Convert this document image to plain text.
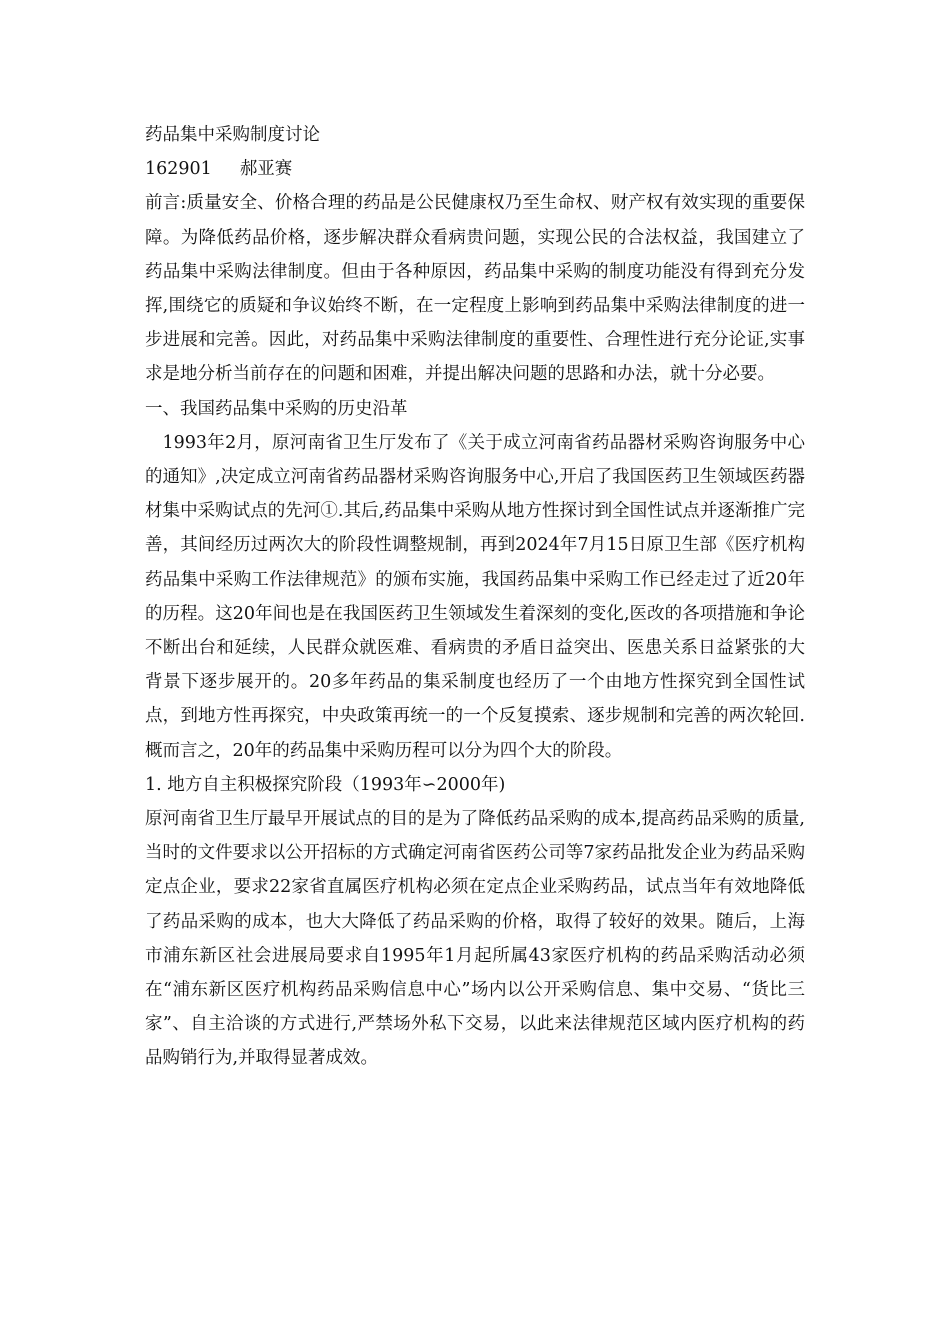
药品集中采购制度讨论

162901 郝亚赛

前言:质量安全、价格合理的药品是公民健康权乃至生命权、财产权有效实现的重要保障。为降低药品价格，逐步解决群众看病贵问题，实现公民的合法权益，我国建立了药品集中采购法律制度。但由于各种原因，药品集中采购的制度功能没有得到充分发挥,围绕它的质疑和争议始终不断，在一定程度上影响到药品集中采购法律制度的进一步进展和完善。因此，对药品集中采购法律制度的重要性、合理性进行充分论证,实事求是地分析当前存在的问题和困难，并提出解决问题的思路和办法，就十分必要。

一、我国药品集中采购的历史沿革

1993年2月，原河南省卫生厅发布了《关于成立河南省药品器材采购咨询服务中心的通知》,决定成立河南省药品器材采购咨询服务中心,开启了我国医药卫生领域医药器材集中采购试点的先河①.其后,药品集中采购从地方性探讨到全国性试点并逐渐推广完善，其间经历过两次大的阶段性调整规制，再到2024年7月15日原卫生部《医疗机构药品集中采购工作法律规范》的颁布实施，我国药品集中采购工作已经走过了近20年的历程。这20年间也是在我国医药卫生领域发生着深刻的变化,医改的各项措施和争论不断出台和延续，人民群众就医难、看病贵的矛盾日益突出、医患关系日益紧张的大背景下逐步展开的。20多年药品的集采制度也经历了一个由地方性探究到全国性试点，到地方性再探究，中央政策再统一的一个反复摸索、逐步规制和完善的两次轮回.概而言之，20年的药品集中采购历程可以分为四个大的阶段。

1. 地方自主积极探究阶段（1993年∽2000年)

原河南省卫生厅最早开展试点的目的是为了降低药品采购的成本,提高药品采购的质量,当时的文件要求以公开招标的方式确定河南省医药公司等7家药品批发企业为药品采购定点企业，要求22家省直属医疗机构必须在定点企业采购药品，试点当年有效地降低了药品采购的成本，也大大降低了药品采购的价格，取得了较好的效果。随后，上海市浦东新区社会进展局要求自1995年1月起所属43家医疗机构的药品采购活动必须在“浦东新区医疗机构药品采购信息中心”场内以公开采购信息、集中交易、“货比三家”、自主洽谈的方式进行,严禁场外私下交易，以此来法律规范区域内医疗机构的药品购销行为,并取得显著成效。
